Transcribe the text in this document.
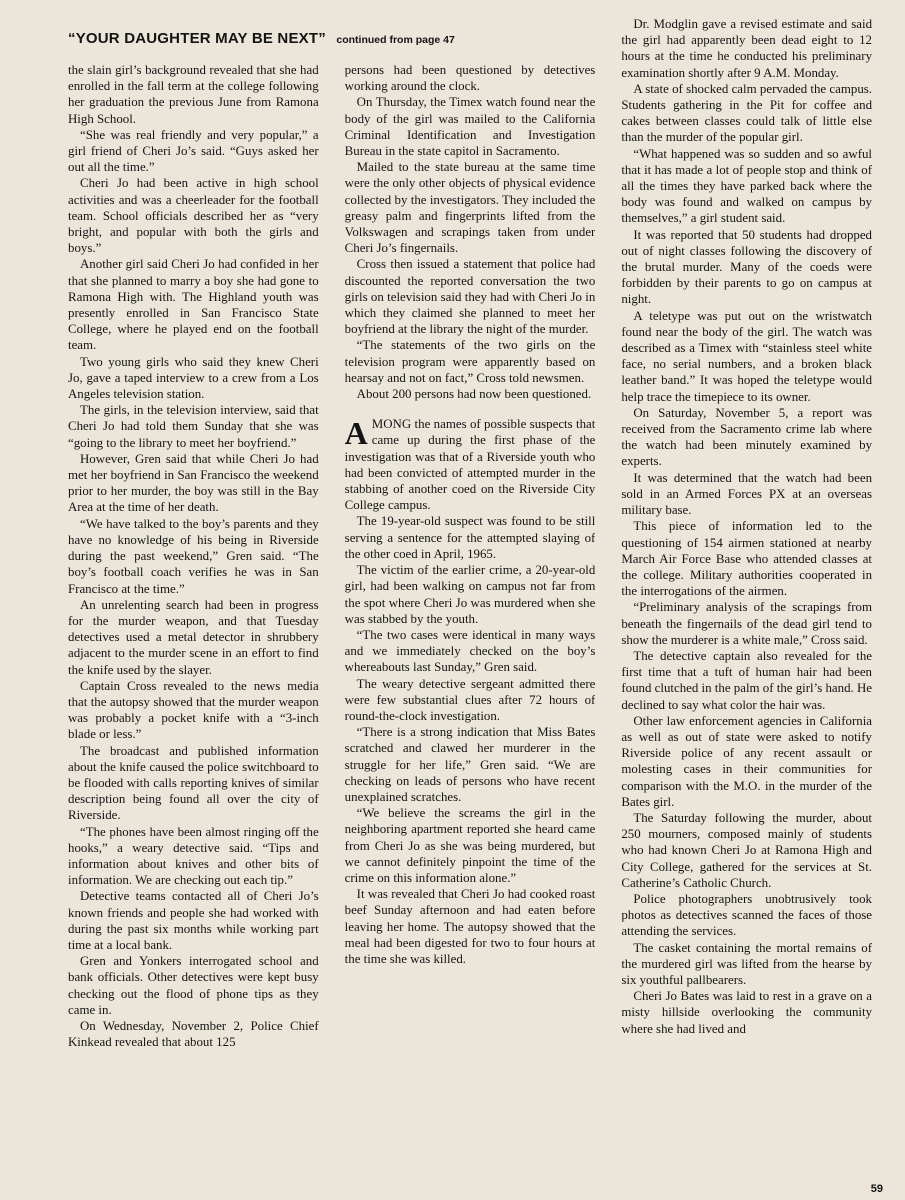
“YOUR DAUGHTER MAY BE NEXT” continued from page 47

the slain girl’s background revealed that she had enrolled in the fall term at the college following her graduation the previous June from Ramona High School.

“She was real friendly and very popular,” a girl friend of Cheri Jo’s said. “Guys asked her out all the time.”

Cheri Jo had been active in high school activities and was a cheerleader for the football team. School officials described her as “very bright, and popular with both the girls and boys.”

Another girl said Cheri Jo had confided in her that she planned to marry a boy she had gone to Ramona High with. The Highland youth was presently enrolled in San Francisco State College, where he played end on the football team.

Two young girls who said they knew Cheri Jo, gave a taped interview to a crew from a Los Angeles television station.

The girls, in the television interview, said that Cheri Jo had told them Sunday that she was “going to the library to meet her boyfriend.”

However, Gren said that while Cheri Jo had met her boyfriend in San Francisco the weekend prior to her murder, the boy was still in the Bay Area at the time of her death.

“We have talked to the boy’s parents and they have no knowledge of his being in Riverside during the past weekend,” Gren said. “The boy’s football coach verifies he was in San Francisco at the time.”

An unrelenting search had been in progress for the murder weapon, and that Tuesday detectives used a metal detector in shrubbery adjacent to the murder scene in an effort to find the knife used by the slayer.

Captain Cross revealed to the news media that the autopsy showed that the murder weapon was probably a pocket knife with a “3-inch blade or less.”

The broadcast and published information about the knife caused the police switchboard to be flooded with calls reporting knives of similar description being found all over the city of Riverside.

“The phones have been almost ringing off the hooks,” a weary detective said. “Tips and information about knives and other bits of information. We are checking out each tip.”

Detective teams contacted all of Cheri Jo’s known friends and people she had worked with during the past six months while working part time at a local bank.

Gren and Yonkers interrogated school and bank officials. Other detectives were kept busy checking out the flood of phone tips as they came in.

On Wednesday, November 2, Police Chief Kinkead revealed that about 125

persons had been questioned by detectives working around the clock.

On Thursday, the Timex watch found near the body of the girl was mailed to the California Criminal Identification and Investigation Bureau in the state capitol in Sacramento.

Mailed to the state bureau at the same time were the only other objects of physical evidence collected by the investigators. They included the greasy palm and fingerprints lifted from the Volkswagen and scrapings taken from under Cheri Jo’s fingernails.

Cross then issued a statement that police had discounted the reported conversation the two girls on television said they had with Cheri Jo in which they claimed she planned to meet her boyfriend at the library the night of the murder.

“The statements of the two girls on the television program were apparently based on hearsay and not on fact,” Cross told newsmen.

About 200 persons had now been questioned.

AMONG the names of possible suspects that came up during the first phase of the investigation was that of a Riverside youth who had been convicted of attempted murder in the stabbing of another coed on the Riverside City College campus.

The 19-year-old suspect was found to be still serving a sentence for the attempted slaying of the other coed in April, 1965.

The victim of the earlier crime, a 20-year-old girl, had been walking on campus not far from the spot where Cheri Jo was murdered when she was stabbed by the youth.

“The two cases were identical in many ways and we immediately checked on the boy’s whereabouts last Sunday,” Gren said.

The weary detective sergeant admitted there were few substantial clues after 72 hours of round-the-clock investigation.

“There is a strong indication that Miss Bates scratched and clawed her murderer in the struggle for her life,” Gren said. “We are checking on leads of persons who have recent unexplained scratches.

“We believe the screams the girl in the neighboring apartment reported she heard came from Cheri Jo as she was being murdered, but we cannot definitely pinpoint the time of the crime on this information alone.”

It was revealed that Cheri Jo had cooked roast beef Sunday afternoon and had eaten before leaving her home. The autopsy showed that the meal had been digested for two to four hours at the time she was killed.

Dr. Modglin gave a revised estimate and said the girl had apparently been dead eight to 12 hours at the time he conducted his preliminary examination shortly after 9 A.M. Monday.

A state of shocked calm pervaded the campus. Students gathering in the Pit for coffee and cakes between classes could talk of little else than the murder of the popular girl.

“What happened was so sudden and so awful that it has made a lot of people stop and think of all the times they have parked back where the body was found and walked on campus by themselves,” a girl student said.

It was reported that 50 students had dropped out of night classes following the discovery of the brutal murder. Many of the coeds were forbidden by their parents to go on campus at night.

A teletype was put out on the wristwatch found near the body of the girl. The watch was described as a Timex with “stainless steel white face, no serial numbers, and a broken black leather band.” It was hoped the teletype would help trace the timepiece to its owner.

On Saturday, November 5, a report was received from the Sacramento crime lab where the watch had been minutely examined by experts.

It was determined that the watch had been sold in an Armed Forces PX at an overseas military base.

This piece of information led to the questioning of 154 airmen stationed at nearby March Air Force Base who attended classes at the college. Military authorities cooperated in the interrogations of the airmen.

“Preliminary analysis of the scrapings from beneath the fingernails of the dead girl tend to show the murderer is a white male,” Cross said.

The detective captain also revealed for the first time that a tuft of human hair had been found clutched in the palm of the girl’s hand. He declined to say what color the hair was.

Other law enforcement agencies in California as well as out of state were asked to notify Riverside police of any recent assault or molesting cases in their communities for comparison with the M.O. in the murder of the Bates girl.

The Saturday following the murder, about 250 mourners, composed mainly of students who had known Cheri Jo at Ramona High and City College, gathered for the services at St. Catherine’s Catholic Church.

Police photographers unobtrusively took photos as detectives scanned the faces of those attending the services.

The casket containing the mortal remains of the murdered girl was lifted from the hearse by six youthful pallbearers.

Cheri Jo Bates was laid to rest in a grave on a misty hillside overlooking the community where she had lived and

59
